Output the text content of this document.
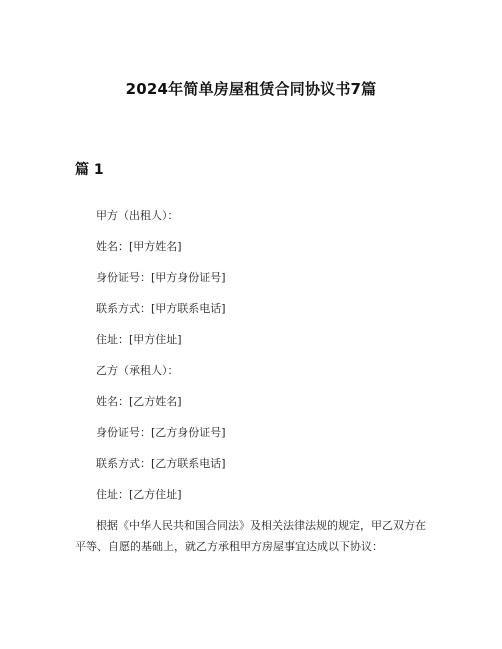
2024年简单房屋租赁合同协议书7篇
篇 1
甲方（出租人）：
姓名：[甲方姓名]
身份证号：[甲方身份证号]
联系方式：[甲方联系电话]
住址：[甲方住址]
乙方（承租人）：
姓名：[乙方姓名]
身份证号：[乙方身份证号]
联系方式：[乙方联系电话]
住址：[乙方住址]
根据《中华人民共和国合同法》及相关法律法规的规定，甲乙双方在平等、自愿的基础上，就乙方承租甲方房屋事宜达成以下协议：
